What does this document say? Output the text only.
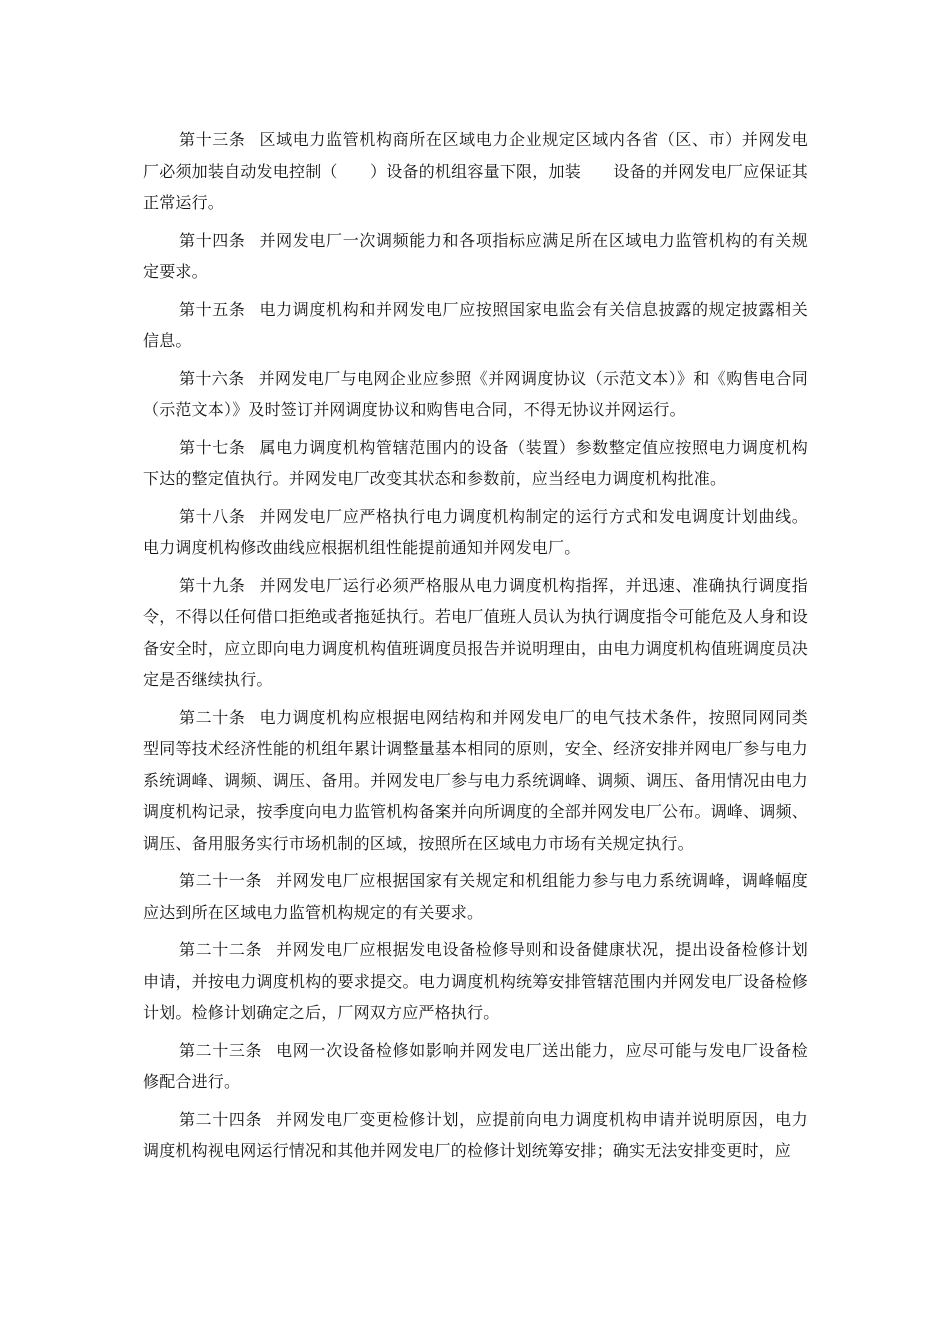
第十三条 区域电力监管机构商所在区域电力企业规定区域内各省（区、市）并网发电厂必须加装自动发电控制（　　）设备的机组容量下限，加装　　设备的并网发电厂应保证其正常运行。

第十四条 并网发电厂一次调频能力和各项指标应满足所在区域电力监管机构的有关规定要求。

第十五条 电力调度机构和并网发电厂应按照国家电监会有关信息披露的规定披露相关信息。

第十六条 并网发电厂与电网企业应参照《并网调度协议（示范文本）》和《购售电合同（示范文本）》及时签订并网调度协议和购售电合同，不得无协议并网运行。

第十七条 属电力调度机构管辖范围内的设备（装置）参数整定值应按照电力调度机构下达的整定值执行。并网发电厂改变其状态和参数前，应当经电力调度机构批准。

第十八条 并网发电厂应严格执行电力调度机构制定的运行方式和发电调度计划曲线。电力调度机构修改曲线应根据机组性能提前通知并网发电厂。

第十九条 并网发电厂运行必须严格服从电力调度机构指挥，并迅速、准确执行调度指令，不得以任何借口拒绝或者拖延执行。若电厂值班人员认为执行调度指令可能危及人身和设备安全时，应立即向电力调度机构值班调度员报告并说明理由，由电力调度机构值班调度员决定是否继续执行。

第二十条 电力调度机构应根据电网结构和并网发电厂的电气技术条件，按照同网同类型同等技术经济性能的机组年累计调整量基本相同的原则，安全、经济安排并网电厂参与电力系统调峰、调频、调压、备用。并网发电厂参与电力系统调峰、调频、调压、备用情况由电力调度机构记录，按季度向电力监管机构备案并向所调度的全部并网发电厂公布。调峰、调频、调压、备用服务实行市场机制的区域，按照所在区域电力市场有关规定执行。

第二十一条 并网发电厂应根据国家有关规定和机组能力参与电力系统调峰，调峰幅度应达到所在区域电力监管机构规定的有关要求。

第二十二条 并网发电厂应根据发电设备检修导则和设备健康状况，提出设备检修计划申请，并按电力调度机构的要求提交。电力调度机构统筹安排管辖范围内并网发电厂设备检修计划。检修计划确定之后，厂网双方应严格执行。

第二十三条 电网一次设备检修如影响并网发电厂送出能力，应尽可能与发电厂设备检修配合进行。

第二十四条 并网发电厂变更检修计划，应提前向电力调度机构申请并说明原因，电力调度机构视电网运行情况和其他并网发电厂的检修计划统筹安排；确实无法安排变更时，应
